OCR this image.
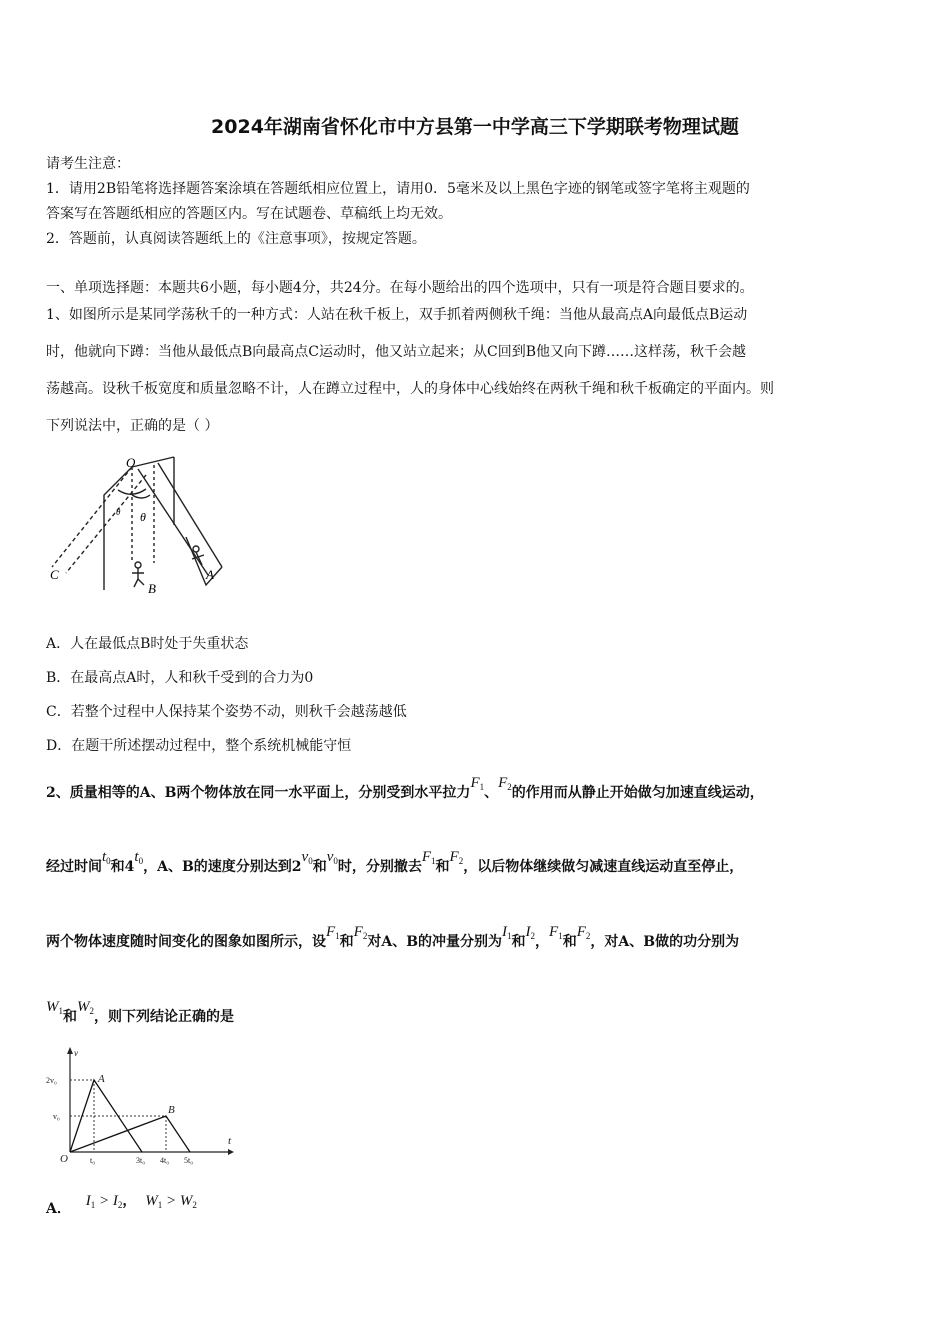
2024年湖南省怀化市中方县第一中学高三下学期联考物理试题
请考生注意：
1．请用2B铅笔将选择题答案涂填在答题纸相应位置上，请用0．5毫米及以上黑色字迹的钢笔或签字笔将主观题的
答案写在答题纸相应的答题区内。写在试题卷、草稿纸上均无效。
2．答题前，认真阅读答题纸上的《注意事项》，按规定答题。
一、单项选择题：本题共6小题，每小题4分，共24分。在每小题给出的四个选项中，只有一项是符合题目要求的。
1、如图所示是某同学荡秋千的一种方式：人站在秋千板上，双手抓着两侧秋千绳：当他从最高点A向最低点B运动
时，他就向下蹲：当他从最低点B向最高点C运动时，他又站立起来；从C回到B他又向下蹲……这样荡，秋千会越
荡越高。设秋千板宽度和质量忽略不计，人在蹲立过程中，人的身体中心线始终在两秋千绳和秋千板确定的平面内。则
下列说法中，正确的是（ ）
O
θ θ
A
B
C
A．人在最低点B时处于失重状态
B．在最高点A时，人和秋千受到的合力为0
C．若整个过程中人保持某个姿势不动，则秋千会越荡越低
D．在题干所述摆动过程中，整个系统机械能守恒
2、质量相等的A、B两个物体放在同一水平面上，分别受到水平拉力$F_1$、$F_2$的作用而从静止开始做匀加速直线运动，
经过时间$t_0$和$4t_0$，A、B的速度分别达到$2v_0$和$v_0$时，分别撤去$F_1$和$F_2$，以后物体继续做匀减速直线运动直至停止，
两个物体速度随时间变化的图象如图所示，设$F_1$和$F_2$对A、B的冲量分别为$I_1$和$I_2$，$F_1$和$F_2$，对A、B做的功分别为
$W_1$和$W_2$，则下列结论正确的是
v
t
O
2v₀
v₀
t₀	3t₀ 4t₀ 5t₀
A
B
A． $I_1 > I_2$， $W_1 > W_2$
